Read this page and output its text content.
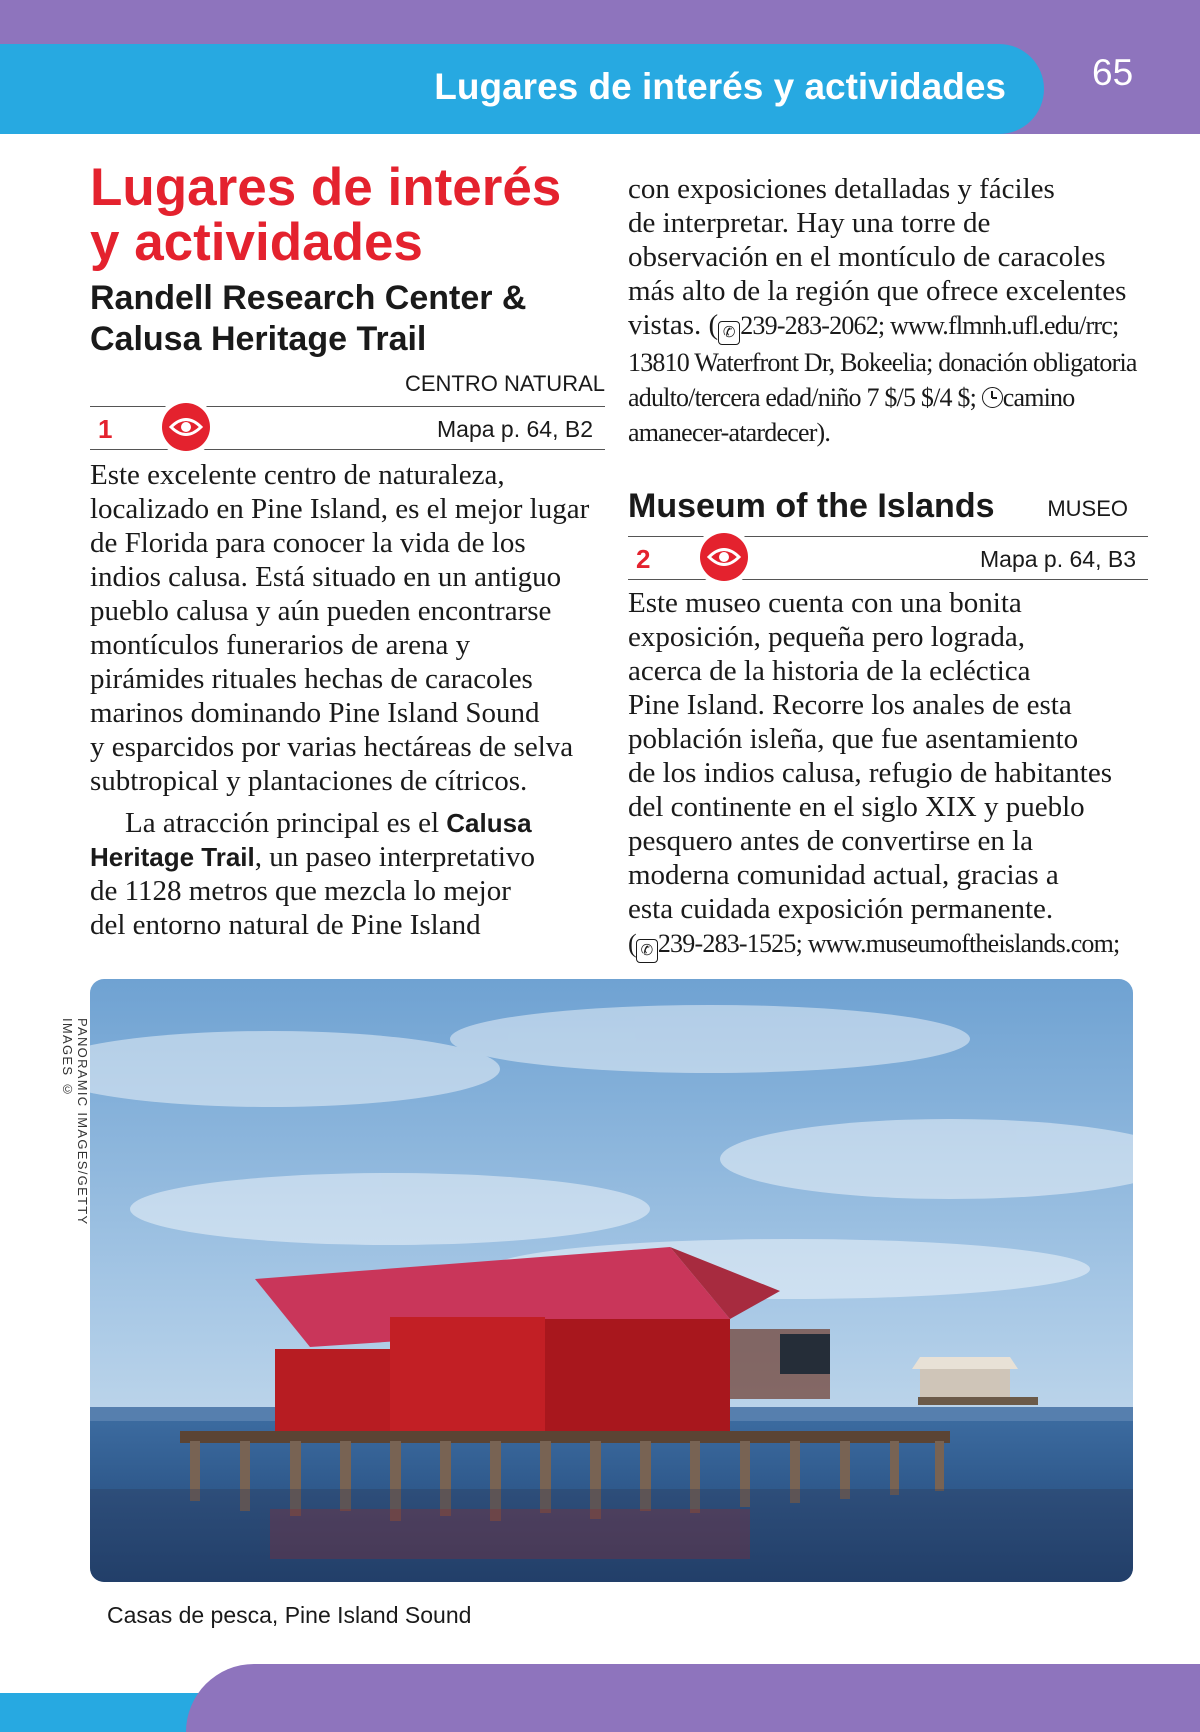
Lugares de interés y actividades 65
Lugares de interés
y actividades
Randell Research Center &
Calusa Heritage Trail
CENTRO NATURAL
1	Mapa p. 64, B2

Este excelente centro de naturaleza,
localizado en Pine Island, es el mejor lugar
de Florida para conocer la vida de los
indios calusa. Está situado en un antiguo
pueblo calusa y aún pueden encontrarse
montículos funerarios de arena y
pirámides rituales hechas de caracoles
marinos dominando Pine Island Sound
y esparcidos por varias hectáreas de selva
subtropical y plantaciones de cítricos.

La atracción principal es el Calusa
Heritage Trail, un paseo interpretativo
de 1128 metros que mezcla lo mejor
del entorno natural de Pine Island

con exposiciones detalladas y fáciles
de interpretar. Hay una torre de
observación en el montículo de caracoles
más alto de la región que ofrece excelentes
vistas. ( ✆ 239-283-2062; www.flmnh.ufl.edu/rrc;
13810 Waterfront Dr, Bokeelia; donación obligatoria
adulto/tercera edad/niño 7 $/5 $/4 $; camino
amanecer-atardecer).

Museum of the Islands MUSEO
2	Mapa p. 64, B3

Este museo cuenta con una bonita
exposición, pequeña pero lograda,
acerca de la historia de la ecléctica
Pine Island. Recorre los anales de esta
población isleña, que fue asentamiento
de los indios calusa, refugio de habitantes
del continente en el siglo XIX y pueblo
pesquero antes de convertirse en la
moderna comunidad actual, gracias a
esta cuidada exposición permanente.
( ✆ 239-283-1525; www.museumoftheislands.com;

PANORAMIC IMAGES/GETTY IMAGES ©
Casas de pesca, Pine Island Sound
